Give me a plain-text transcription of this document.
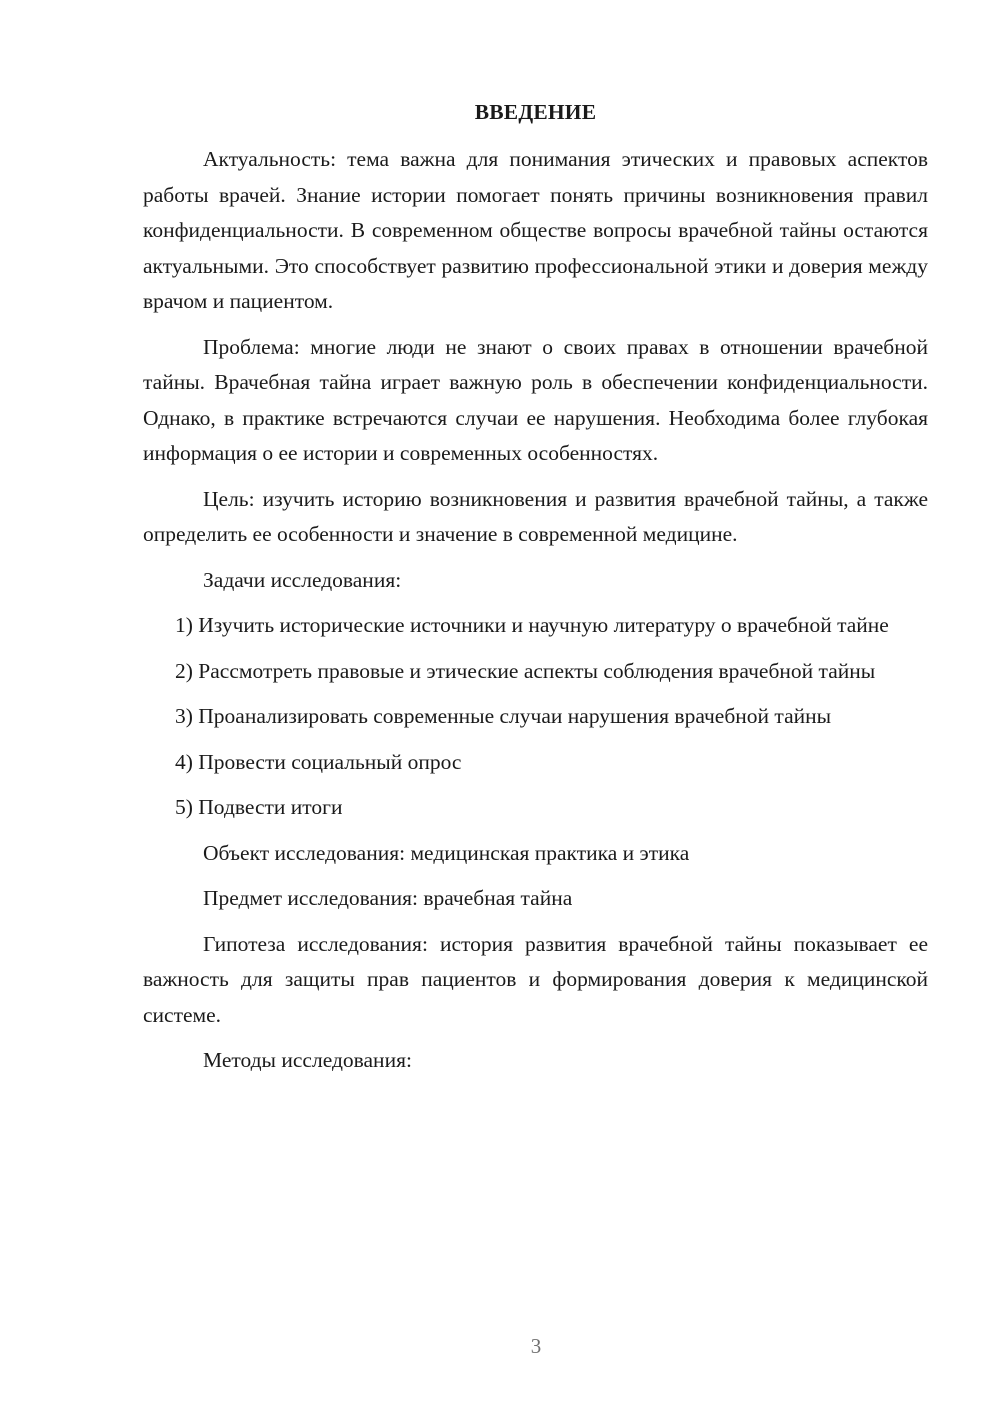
ВВЕДЕНИЕ

Актуальность: тема важна для понимания этических и правовых аспектов работы врачей. Знание истории помогает понять причины возникновения правил конфиденциальности. В современном обществе вопросы врачебной тайны остаются актуальными. Это способствует развитию профессиональной этики и доверия между врачом и пациентом.

Проблема: многие люди не знают о своих правах в отношении врачебной тайны. Врачебная тайна играет важную роль в обеспечении конфиденциальности. Однако, в практике встречаются случаи ее нарушения. Необходима более глубокая информация о ее истории и современных особенностях.

Цель: изучить историю возникновения и развития врачебной тайны, а также определить ее особенности и значение в современной медицине.

Задачи исследования:

1) Изучить исторические источники и научную литературу о врачебной тайне

2) Рассмотреть правовые и этические аспекты соблюдения врачебной тайны

3) Проанализировать современные случаи нарушения врачебной тайны

4) Провести социальный опрос

5) Подвести итоги

Объект исследования: медицинская практика и этика

Предмет исследования: врачебная тайна

Гипотеза исследования: история развития врачебной тайны показывает ее важность для защиты прав пациентов и формирования доверия к медицинской системе.

Методы исследования:

3
